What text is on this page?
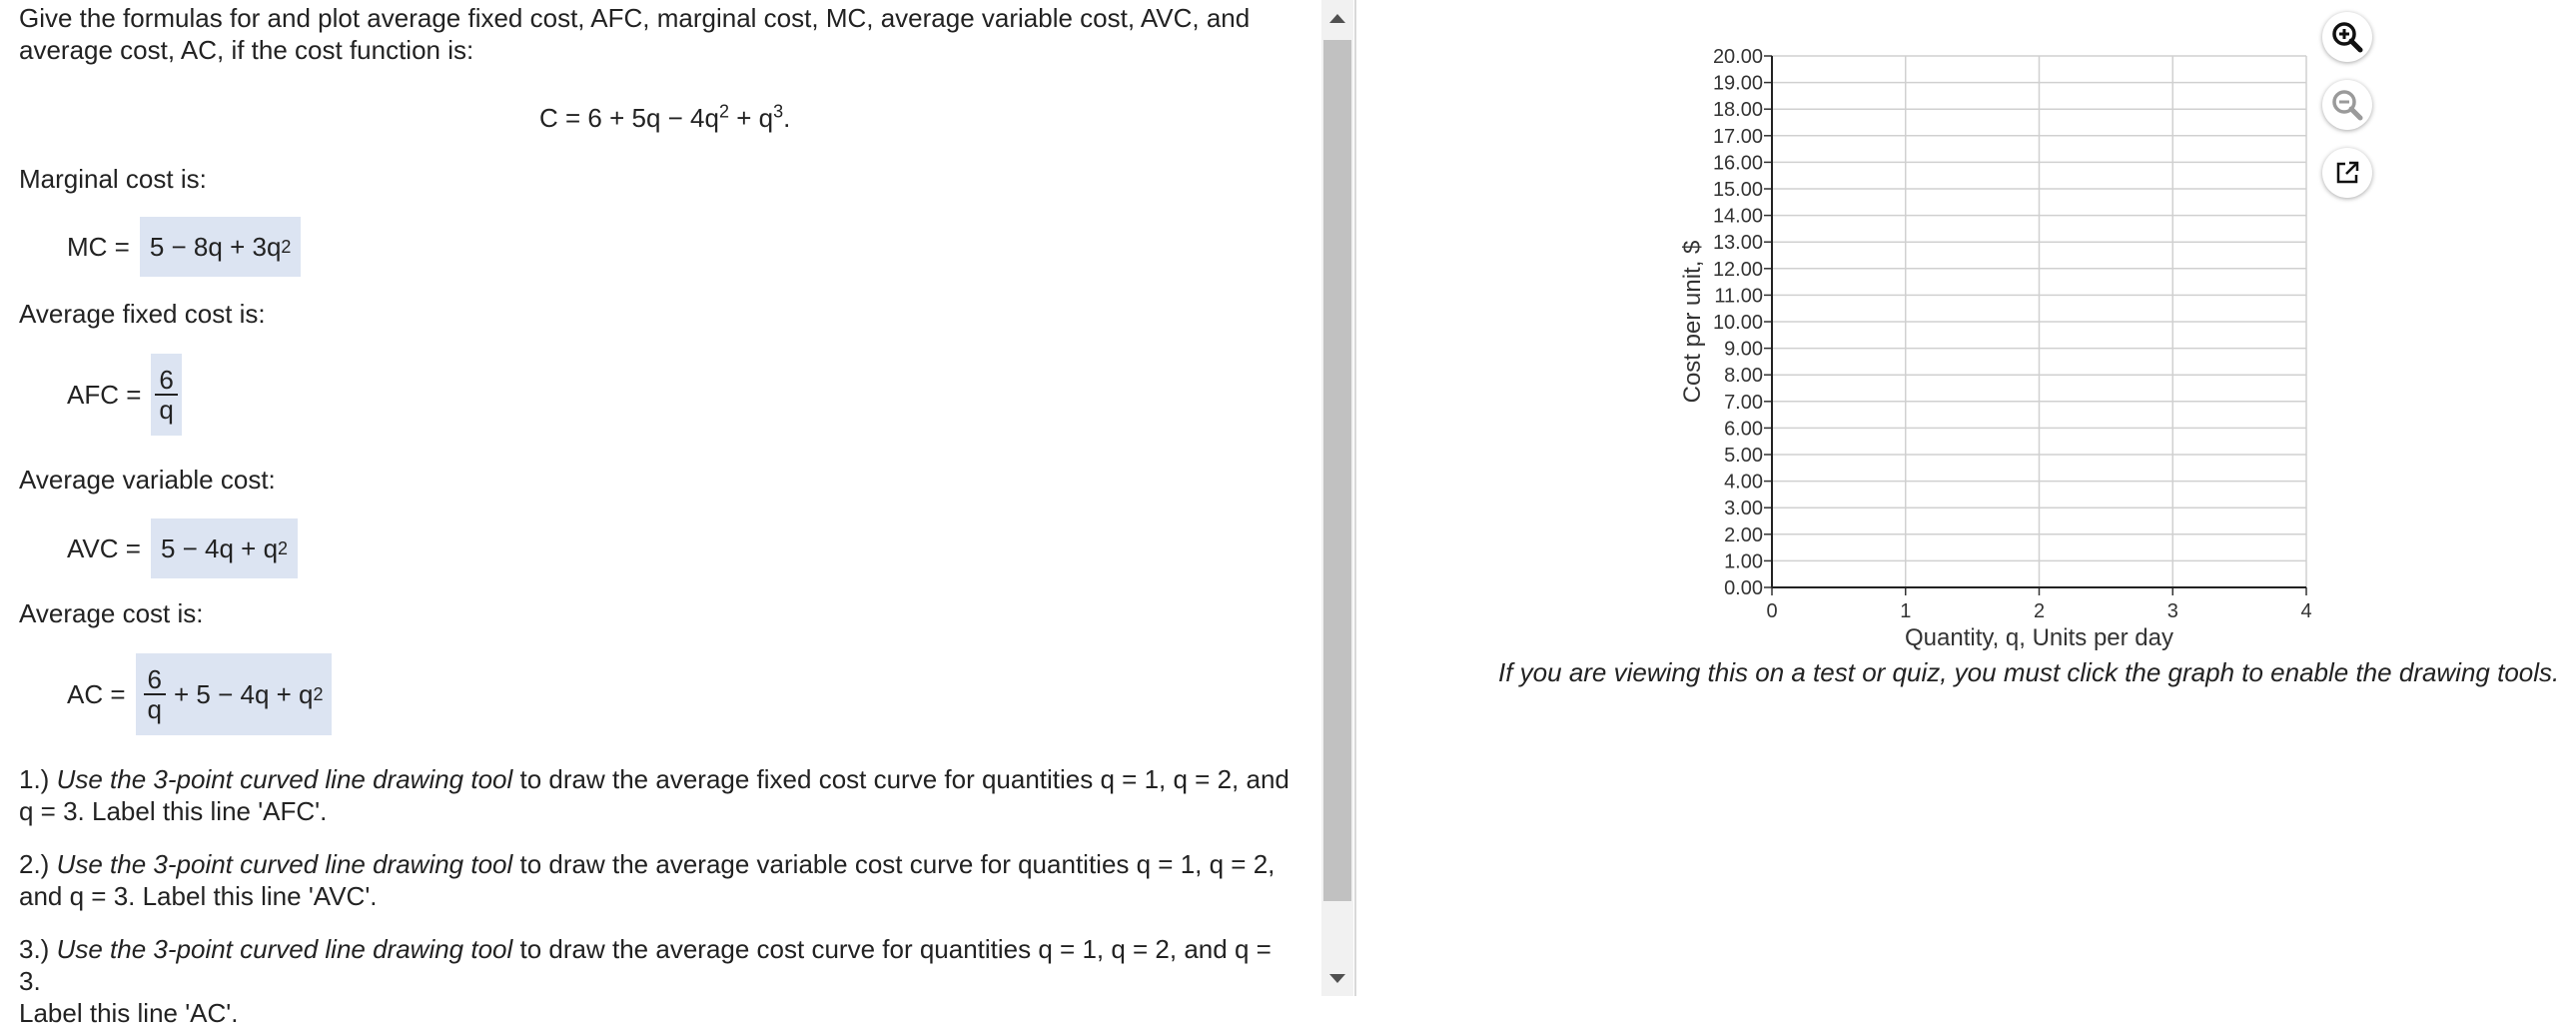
Give the formulas for and plot average fixed cost, AFC, marginal cost, MC, average variable cost, AVC, and
average cost, AC, if the cost function is:
$C = 6 + 5q - 4q^2 + q^3$.
Marginal cost is:
MC = 5 − 8q + 3q 2
Average fixed cost is:
AFC = $\frac{6}{q}$
Average variable cost:
AVC = 5 − 4q + q 2
Average cost is:
AC = $\frac{6}{q} + 5 - 4q + q$ 2
1.) Use the 3-point curved line drawing tool to draw the average fixed cost curve for quantities q = 1, q = 2, and
q = 3. Label this line 'AFC'.
2.) Use the 3-point curved line drawing tool to draw the average variable cost curve for quantities q = 1, q = 2,
and q = 3. Label this line 'AVC'.
3.) Use the 3-point curved line drawing tool to draw the average cost curve for quantities q = 1, q = 2, and q = 3.
Label this line 'AC'.
0.00
1.00
2.00
3.00
4.00
5.00
6.00
7.00
8.00
9.00
10.00
11.00
12.00
13.00
14.00
15.00
16.00
17.00
18.00
19.00
20.00
0	1	2	3	4
Quantity, q, Units per day
Cost per unit, $
If you are viewing this on a test or quiz, you must click the graph to enable the drawing tools.
